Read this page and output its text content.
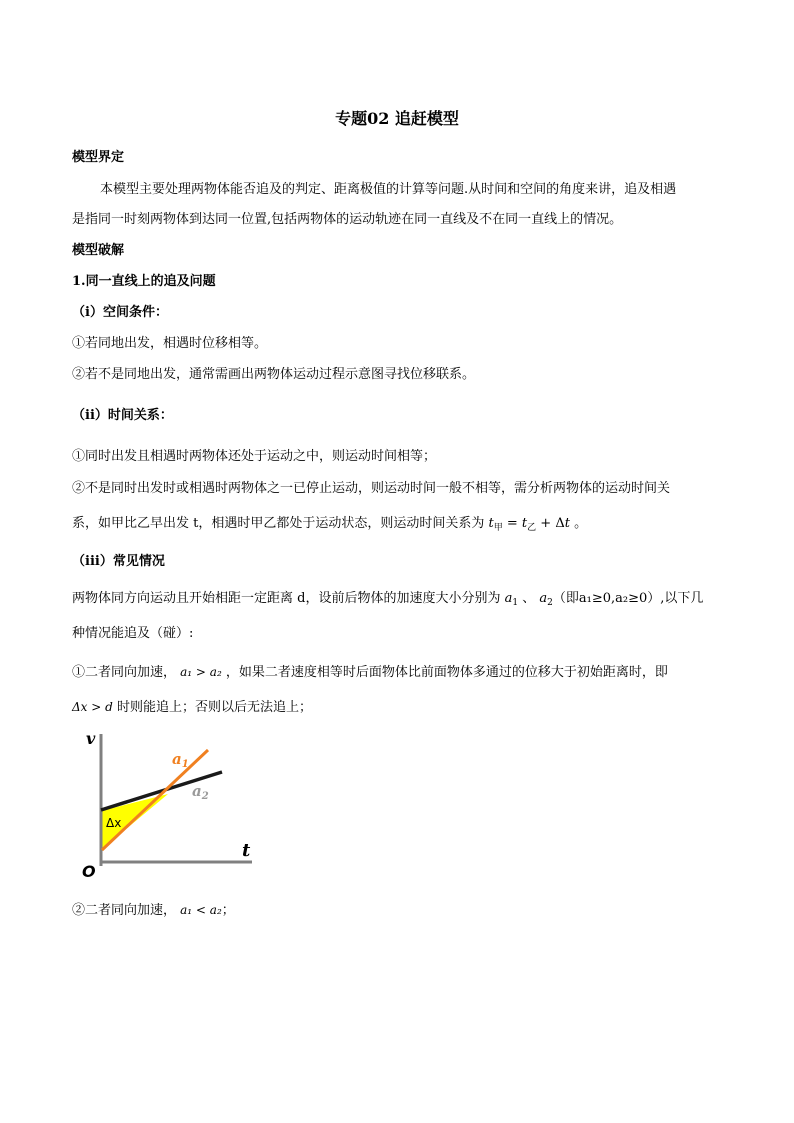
专题02 追赶模型
模型界定
本模型主要处理两物体能否追及的判定、距离极值的计算等问题.从时间和空间的角度来讲，追及相遇
是指同一时刻两物体到达同一位置,包括两物体的运动轨迹在同一直线及不在同一直线上的情况。
模型破解
1.同一直线上的追及问题
（i）空间条件：
①若同地出发，相遇时位移相等。
②若不是同地出发，通常需画出两物体运动过程示意图寻找位移联系。
（ii）时间关系：
①同时出发且相遇时两物体还处于运动之中，则运动时间相等；
②不是同时出发时或相遇时两物体之一已停止运动，则运动时间一般不相等，需分析两物体的运动时间关
系，如甲比乙早出发 t，相遇时甲乙都处于运动状态，则运动时间关系为 $t_甲 = t_乙 + \Delta t$ 。
（iii）常见情况
两物体同方向运动且开始相距一定距离 d，设前后物体的加速度大小分别为 $a_1$ 、 $a_2$（即a₁≥0,a₂≥0）,以下几
种情况能追及（碰）:
①二者同向加速， a₁ > a₂ ，如果二者速度相等时后面物体比前面物体多通过的位移大于初始距离时，即
Δx > d 时则能追上；否则以后无法追上；
v
t
O
$a_1$
$a_2$
Δx
②二者同向加速， a₁ < a₂；
